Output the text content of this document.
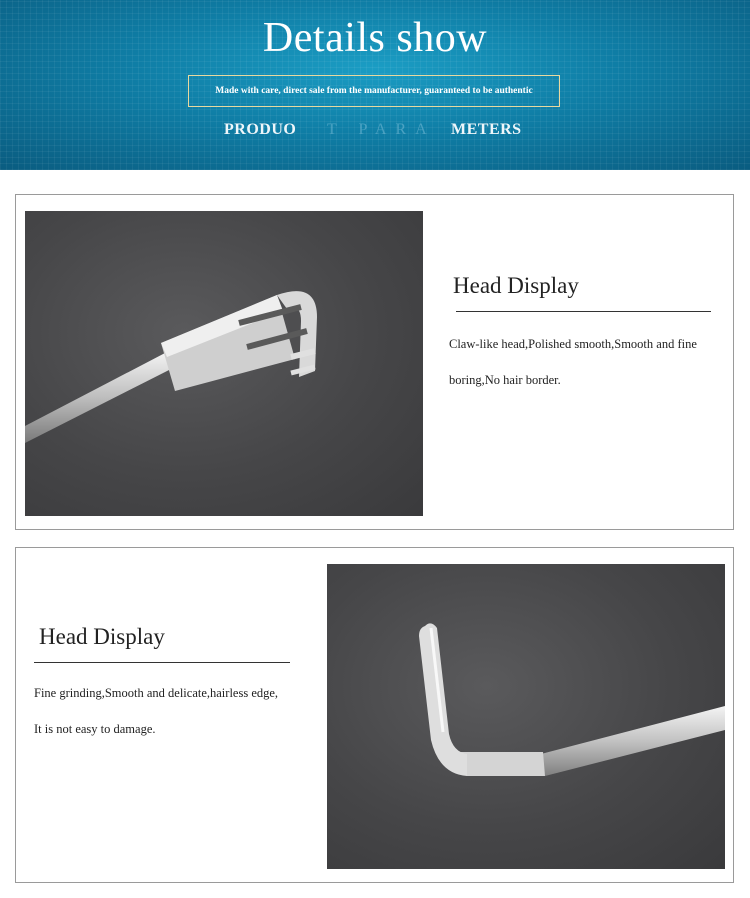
Details show
Made with care, direct sale from the manufacturer, guaranteed to be authentic
PRODUO T PARA METERS
Head Display
Claw-like head,Polished smooth,Smooth and fine
boring,No hair border.
Head Display
Fine grinding,Smooth and delicate,hairless edge,
It is not easy to damage.
